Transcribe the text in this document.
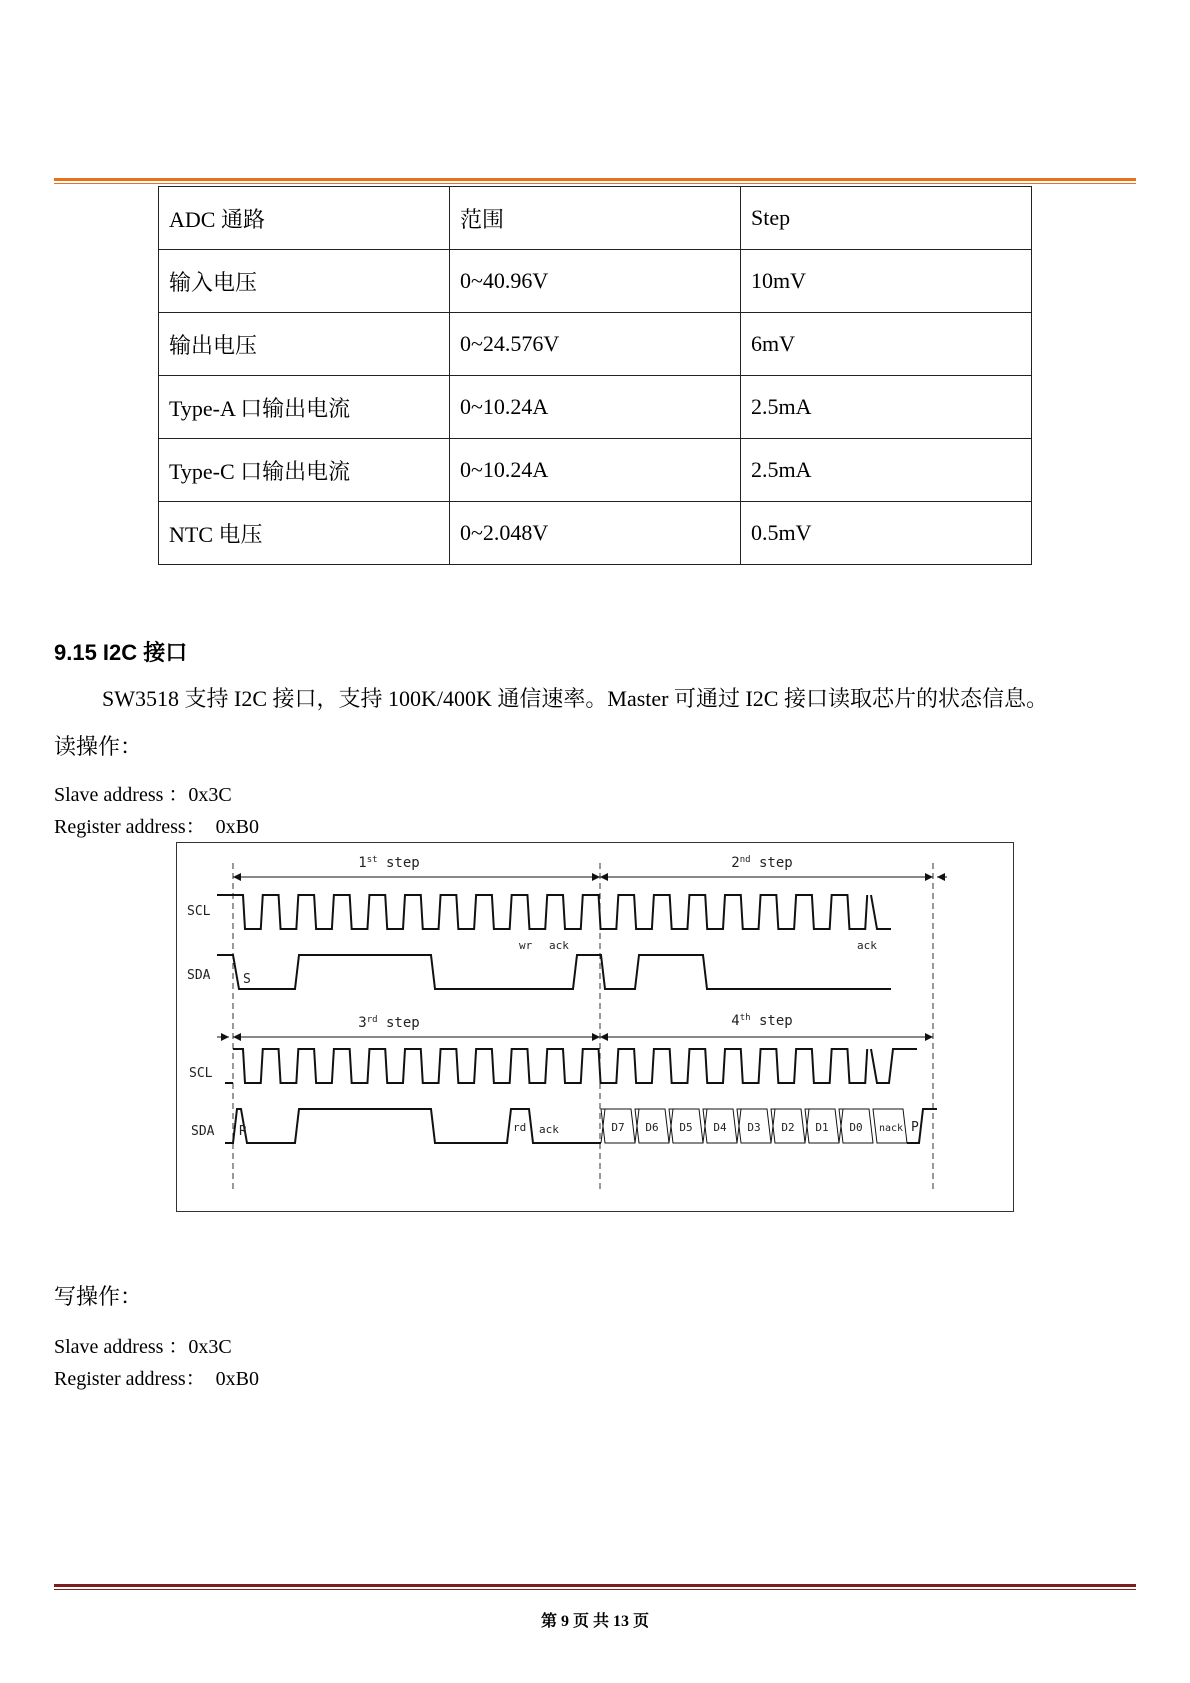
ADC 通路	范围	Step
输入电压	0~40.96V	10mV
输出电压	0~24.576V	6mV
Type-A 口输出电流	0~10.24A	2.5mA
Type-C 口输出电流	0~10.24A	2.5mA
NTC 电压	0~2.048V	0.5mV
9.15 I2C 接口
SW3518 支持 I2C 接口，支持 100K/400K 通信速率。Master 可通过 I2C 接口读取芯片的状态信息。
读操作：
Slave address ：0x3C
Register address：  0xB0
1st step	2nd step
3rd step	4th step
SCL
SDA	S
wr ack	ack
SCL
SDA R	rd ack	D7 D6 D5 D4 D3 D2 D1 D0 nack P
写操作：
Slave address ：0x3C
Register address：  0xB0
第 9 页 共 13 页
